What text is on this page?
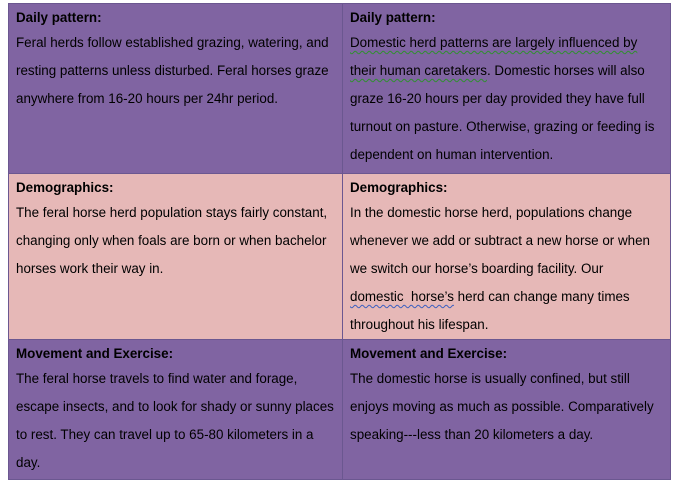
Daily pattern:
Feral herds follow established grazing, watering, and resting patterns unless disturbed. Feral horses graze anywhere from 16-20 hours per 24hr period.
Daily pattern:
Domestic herd patterns are largely influenced by their human caretakers. Domestic horses will also graze 16-20 hours per day provided they have full turnout on pasture. Otherwise, grazing or feeding is dependent on human intervention.
Demographics:
The feral horse herd population stays fairly constant, changing only when foals are born or when bachelor horses work their way in.
Demographics:
In the domestic horse herd, populations change whenever we add or subtract a new horse or when we switch our horse’s boarding facility. Our domestic  horse’s herd can change many times throughout his lifespan.
Movement and Exercise:
The feral horse travels to find water and forage, escape insects, and to look for shady or sunny places to rest. They can travel up to 65-80 kilometers in a day.
Movement and Exercise:
The domestic horse is usually confined, but still enjoys moving as much as possible. Comparatively speaking---less than 20 kilometers a day.
